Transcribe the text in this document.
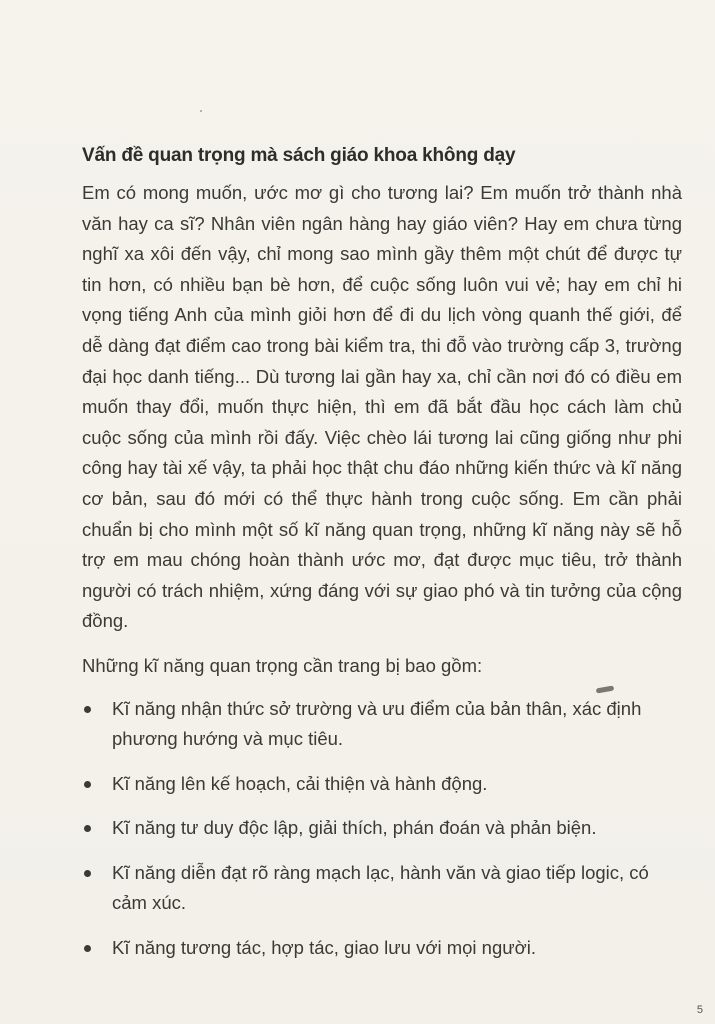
Vấn đề quan trọng mà sách giáo khoa không dạy

Em có mong muốn, ước mơ gì cho tương lai? Em muốn trở thành nhà văn hay ca sĩ? Nhân viên ngân hàng hay giáo viên? Hay em chưa từng nghĩ xa xôi đến vậy, chỉ mong sao mình gầy thêm một chút để được tự tin hơn, có nhiều bạn bè hơn, để cuộc sống luôn vui vẻ; hay em chỉ hi vọng tiếng Anh của mình giỏi hơn để đi du lịch vòng quanh thế giới, để dễ dàng đạt điểm cao trong bài kiểm tra, thi đỗ vào trường cấp 3, trường đại học danh tiếng... Dù tương lai gần hay xa, chỉ cần nơi đó có điều em muốn thay đổi, muốn thực hiện, thì em đã bắt đầu học cách làm chủ cuộc sống của mình rồi đấy. Việc chèo lái tương lai cũng giống như phi công hay tài xế vậy, ta phải học thật chu đáo những kiến thức và kĩ năng cơ bản, sau đó mới có thể thực hành trong cuộc sống. Em cần phải chuẩn bị cho mình một số kĩ năng quan trọng, những kĩ năng này sẽ hỗ trợ em mau chóng hoàn thành ước mơ, đạt được mục tiêu, trở thành người có trách nhiệm, xứng đáng với sự giao phó và tin tưởng của cộng đồng.

Những kĩ năng quan trọng cần trang bị bao gồm:

Kĩ năng nhận thức sở trường và ưu điểm của bản thân, xác định phương hướng và mục tiêu.
Kĩ năng lên kế hoạch, cải thiện và hành động.
Kĩ năng tư duy độc lập, giải thích, phán đoán và phản biện.
Kĩ năng diễn đạt rõ ràng mạch lạc, hành văn và giao tiếp logic, có cảm xúc.
Kĩ năng tương tác, hợp tác, giao lưu với mọi người.
5
